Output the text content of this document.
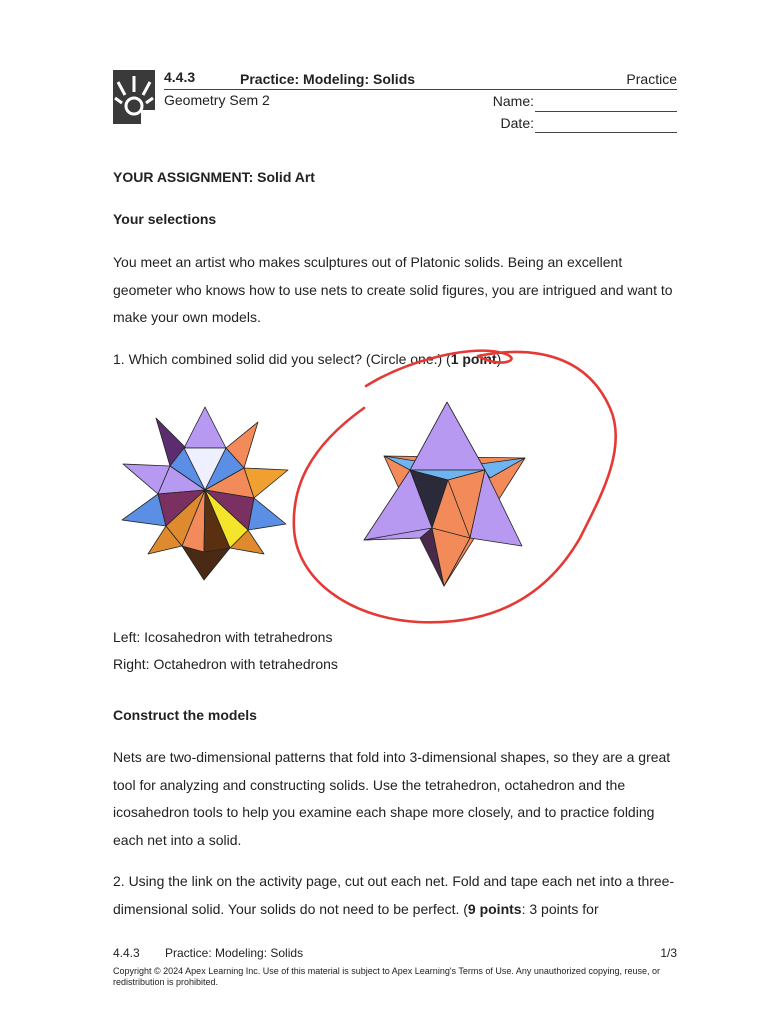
4.4.3	Practice: Modeling: Solids	Practice
Geometry Sem 2	Name:
Date:
YOUR ASSIGNMENT: Solid Art
Your selections
You meet an artist who makes sculptures out of Platonic solids. Being an excellent geometer who knows how to use nets to create solid figures, you are intrigued and want to make your own models.
1. Which combined solid did you select? (Circle one.) (1 point)
Left: Icosahedron with tetrahedrons
Right: Octahedron with tetrahedrons
Construct the models
Nets are two-dimensional patterns that fold into 3-dimensional shapes, so they are a great tool for analyzing and constructing solids. Use the tetrahedron, octahedron and the icosahedron tools to help you examine each shape more closely, and to practice folding each net into a solid.
2. Using the link on the activity page, cut out each net. Fold and tape each net into a three-dimensional solid. Your solids do not need to be perfect. (9 points: 3 points for
4.4.3 Practice: Modeling: Solids	1/3
Copyright © 2024 Apex Learning Inc. Use of this material is subject to Apex Learning's Terms of Use. Any unauthorized copying, reuse, or redistribution is prohibited.
